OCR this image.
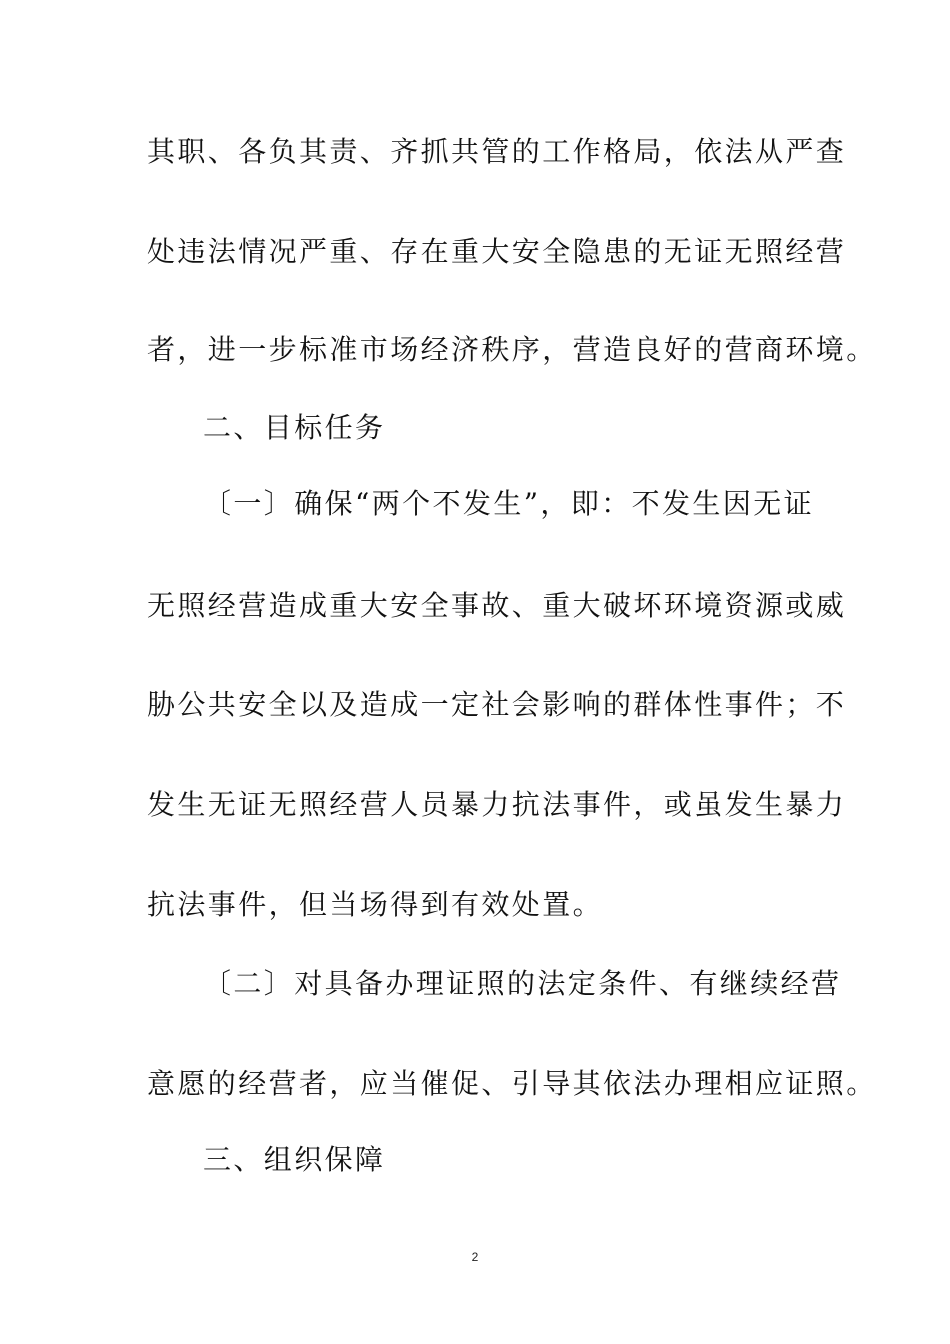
其职、各负其责、齐抓共管的工作格局，依法从严查
处违法情况严重、存在重大安全隐患的无证无照经营
者，进一步标准市场经济秩序，营造良好的营商环境。
二、目标任务
〔一〕确保“两个不发生”，即：不发生因无证
无照经营造成重大安全事故、重大破坏环境资源或威
胁公共安全以及造成一定社会影响的群体性事件；不
发生无证无照经营人员暴力抗法事件，或虽发生暴力
抗法事件，但当场得到有效处置。
〔二〕对具备办理证照的法定条件、有继续经营
意愿的经营者，应当催促、引导其依法办理相应证照。
三、组织保障
2
